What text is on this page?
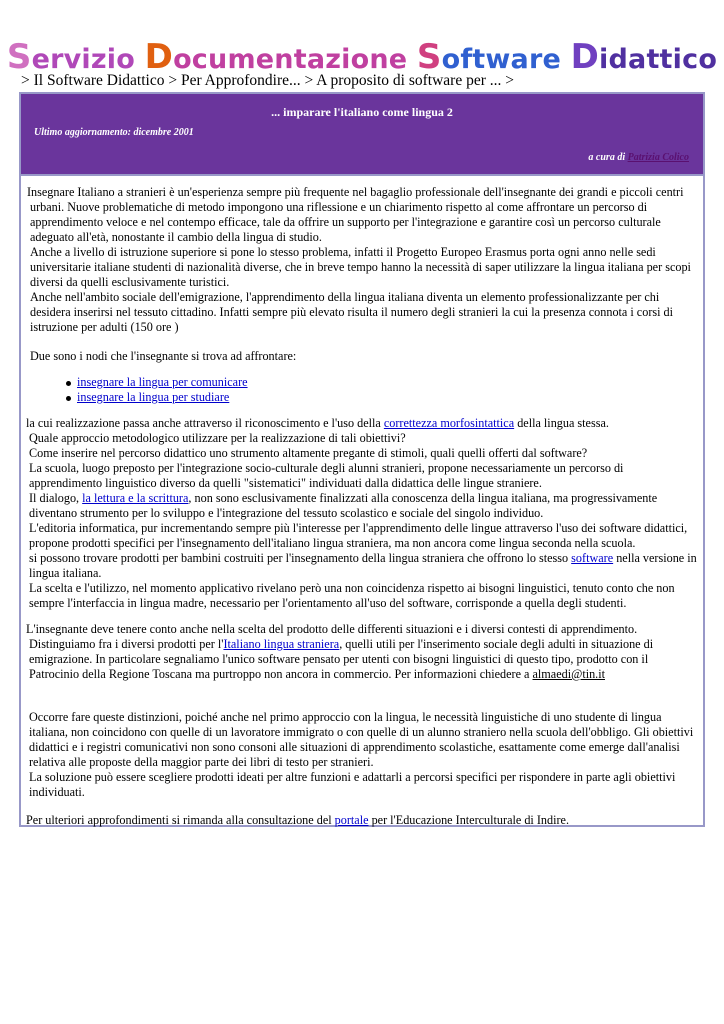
Servizio Documentazione Software Didattico
> Il Software Didattico > Per Approfondire... > A proposito di software per ... >
... imparare l'italiano come lingua 2
Ultimo aggiornamento: dicembre 2001
a cura di Patrizia Colico

Insegnare Italiano a stranieri è un'esperienza sempre più frequente nel bagaglio professionale dell'insegnante dei grandi e piccoli centri urbani. Nuove problematiche di metodo impongono una riflessione e un chiarimento rispetto al come affrontare un percorso di apprendimento veloce e nel contempo efficace, tale da offrire un supporto per l'integrazione e garantire così un percorso culturale adeguato all'età, nonostante il cambio della lingua di studio.
Anche a livello di istruzione superiore si pone lo stesso problema, infatti il Progetto Europeo Erasmus porta ogni anno nelle sedi universitarie italiane studenti di nazionalità diverse, che in breve tempo hanno la necessità di saper utilizzare la lingua italiana per scopi diversi da quelli esclusivamente turistici.
Anche nell'ambito sociale dell'emigrazione, l'apprendimento della lingua italiana diventa un elemento professionalizzante per chi desidera inserirsi nel tessuto cittadino. Infatti sempre più elevato risulta il numero degli stranieri la cui la presenza connota i corsi di istruzione per adulti (150 ore )

Due sono i nodi che l'insegnante si trova ad affrontare:

insegnare la lingua per comunicare
insegnare la lingua per studiare

la cui realizzazione passa anche attraverso il riconoscimento e l'uso della correttezza morfosintattica della lingua stessa.
Quale approccio metodologico utilizzare per la realizzazione di tali obiettivi?
Come inserire nel percorso didattico uno strumento altamente pregante di stimoli, quali quelli offerti dal software?

La scuola, luogo preposto per l'integrazione socio-culturale degli alunni stranieri, propone necessariamente un percorso di apprendimento linguistico diverso da quelli "sistematici" individuati dalla didattica delle lingue straniere.
Il dialogo, la lettura e la scrittura, non sono esclusivamente finalizzati alla conoscenza della lingua italiana, ma progressivamente diventano strumento per lo sviluppo e l'integrazione del tessuto scolastico e sociale del singolo individuo.
L'editoria informatica, pur incrementando sempre più l'interesse per l'apprendimento delle lingue attraverso l'uso dei software didattici, propone prodotti specifici per l'insegnamento dell'italiano lingua straniera, ma non ancora come lingua seconda nella scuola.
si possono trovare prodotti per bambini costruiti per l'insegnamento della lingua straniera che offrono lo stesso software nella versione in lingua italiana.
La scelta e l'utilizzo, nel momento applicativo rivelano però una non coincidenza rispetto ai bisogni linguistici, tenuto conto che non sempre l'interfaccia in lingua madre, necessario per l'orientamento all'uso del software, corrisponde a quella degli studenti.

L'insegnante deve tenere conto anche nella scelta del prodotto delle differenti situazioni e i diversi contesti di apprendimento.

Distinguiamo fra i diversi prodotti per l'Italiano lingua straniera, quelli utili per l'inserimento sociale degli adulti in situazione di emigrazione. In particolare segnaliamo l'unico software pensato per utenti con bisogni linguistici di questo tipo, prodotto con il Patrocinio della Regione Toscana ma purtroppo non ancora in commercio. Per informazioni chiedere a almaedi@tin.it

Occorre fare queste distinzioni, poiché anche nel primo approccio con la lingua, le necessità linguistiche di uno studente di lingua italiana, non coincidono con quelle di un lavoratore immigrato o con quelle di un alunno straniero nella scuola dell'obbligo. Gli obiettivi didattici e i registri comunicativi non sono consoni alle situazioni di apprendimento scolastiche, esattamente come emerge dall'analisi relativa alle proposte della maggior parte dei libri di testo per stranieri.
La soluzione può essere scegliere prodotti ideati per altre funzioni e adattarli a percorsi specifici per rispondere in parte agli obiettivi individuati.

Per ulteriori approfondimenti si rimanda alla consultazione del portale per l'Educazione Interculturale di Indire.
